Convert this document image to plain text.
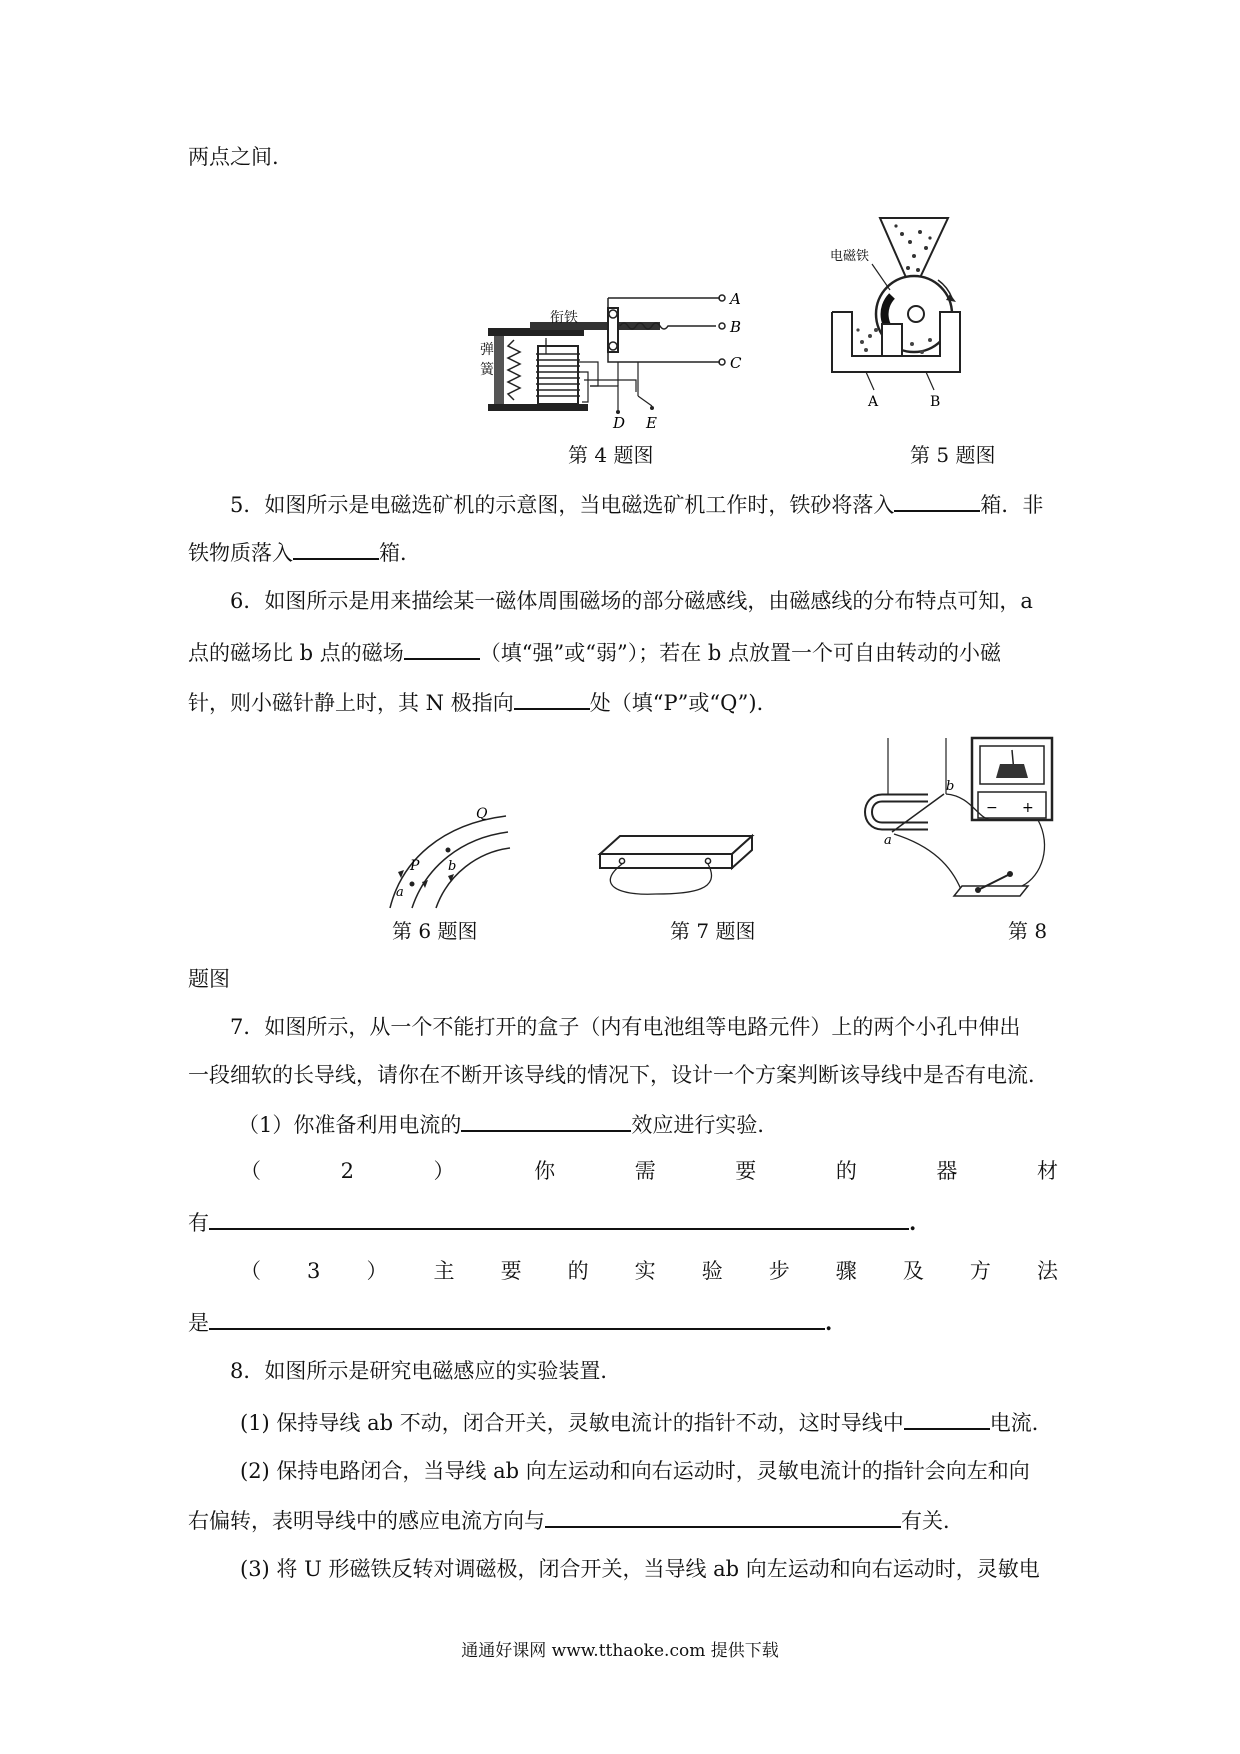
两点之间.
衔铁
弹
簧
A
B
C
D E
电磁铁
A	B
第 4 题图	第 5 题图
5．如图所示是电磁选矿机的示意图，当电磁选矿机工作时，铁砂将落入	箱．非
铁物质落入	箱．
6．如图所示是用来描绘某一磁体周围磁场的部分磁感线，由磁感线的分布特点可知，a
点的磁场比 b 点的磁场	（填“强”或“弱”）；若在 b 点放置一个可自由转动的小磁
针，则小磁针静上时，其 N 极指向	处（填“P”或“Q”)．
Q
P b
a
− +
a
b
第 6 题图	第 7 题图	第 8
题图
7．如图所示，从一个不能打开的盒子（内有电池组等电路元件）上的两个小孔中伸出
一段细软的长导线，请你在不断开该导线的情况下，设计一个方案判断该导线中是否有电流．
（1）你准备利用电流的	效应进行实验．
（	2	）	你	需	要	的	器	材
有	.
（ 3 ） 主 要 的 实 验 步 骤 及 方 法
是	.
8．如图所示是研究电磁感应的实验装置．
(1) 保持导线 ab 不动，闭合开关，灵敏电流计的指针不动，这时导线中	电流．
(2) 保持电路闭合，当导线 ab 向左运动和向右运动时，灵敏电流计的指针会向左和向
右偏转，表明导线中的感应电流方向与	有关．
(3) 将 U 形磁铁反转对调磁极，闭合开关，当导线 ab 向左运动和向右运动时，灵敏电
通通好课网 www.tthaoke.com 提供下载
